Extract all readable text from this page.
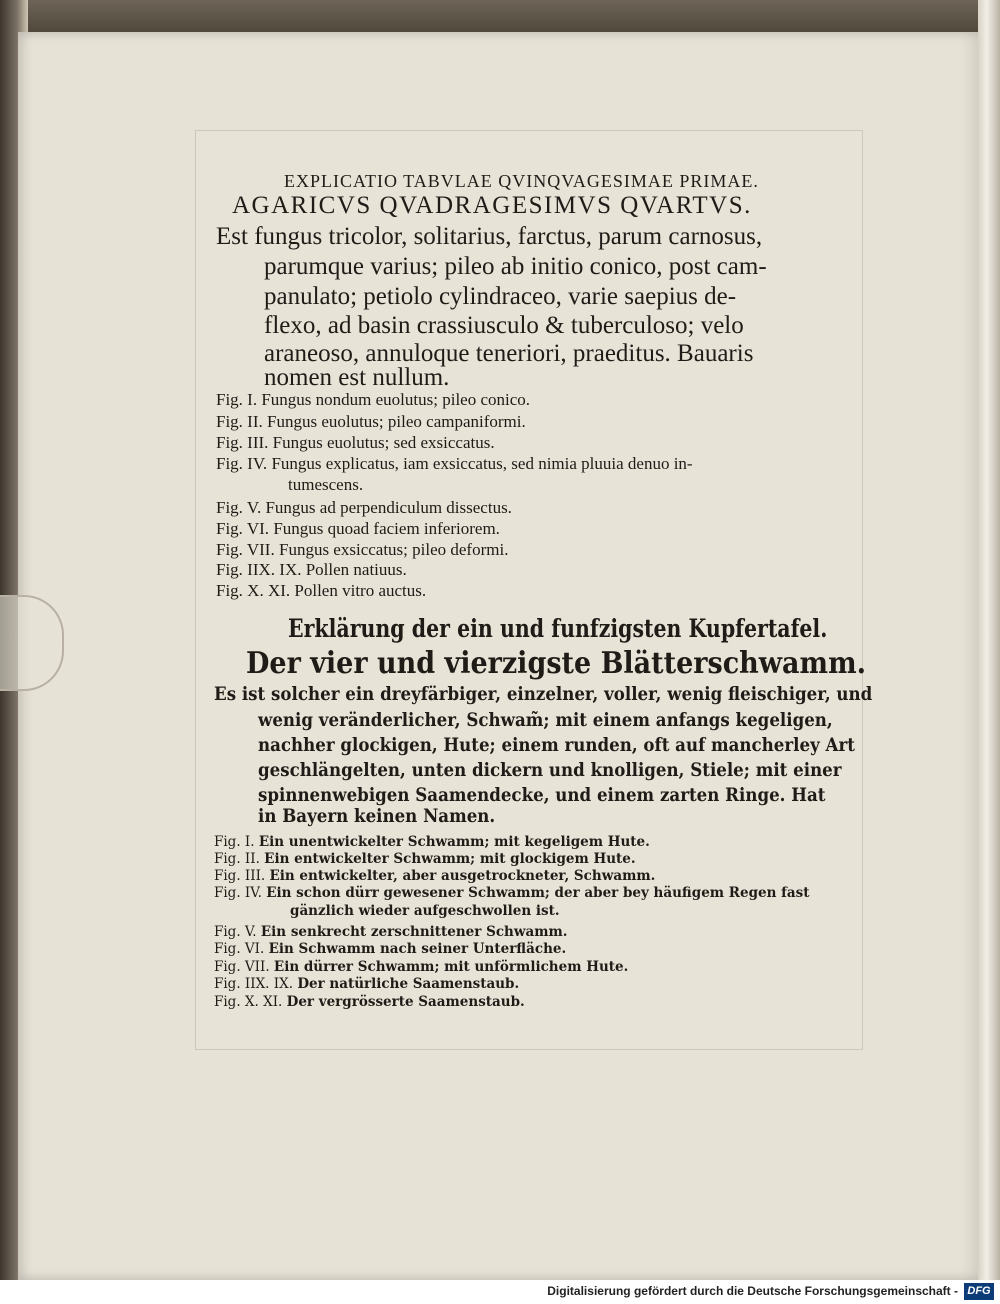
EXPLICATIO TABVLAE QVINQVAGESIMAE PRIMAE.
AGARICVS QVADRAGESIMVS QVARTVS.
Est fungus tricolor, solitarius, farctus, parum carnosus,
parumque varius; pileo ab initio conico, post cam-
panulato; petiolo cylindraceo, varie saepius de-
flexo, ad basin crassiusculo & tuberculoso; velo
araneoso, annuloque teneriori, praeditus. Bauaris
nomen est nullum.
Fig. I. Fungus nondum euolutus; pileo conico.
Fig. II. Fungus euolutus; pileo campaniformi.
Fig. III. Fungus euolutus; sed exsiccatus.
Fig. IV. Fungus explicatus, iam exsiccatus, sed nimia pluuia denuo in-
tumescens.
Fig. V. Fungus ad perpendiculum dissectus.
Fig. VI. Fungus quoad faciem inferiorem.
Fig. VII. Fungus exsiccatus; pileo deformi.
Fig. IIX. IX. Pollen natiuus.
Fig. X. XI. Pollen vitro auctus.
Erklärung der ein und funfzigsten Kupfertafel.
Der vier und vierzigste Blätterschwamm.
Es ist solcher ein dreyfärbiger, einzelner, voller, wenig fleischiger, und
wenig veränderlicher, Schwam̃; mit einem anfangs kegeligen,
nachher glockigen, Hute; einem runden, oft auf mancherley Art
geschlängelten, unten dickern und knolligen, Stiele; mit einer
spinnenwebigen Saamendecke, und einem zarten Ringe. Hat
in Bayern keinen Namen.
Fig. I. Ein unentwickelter Schwamm; mit kegeligem Hute.
Fig. II. Ein entwickelter Schwamm; mit glockigem Hute.
Fig. III. Ein entwickelter, aber ausgetrockneter, Schwamm.
Fig. IV. Ein schon dürr gewesener Schwamm; der aber bey häufigem Regen fast
gänzlich wieder aufgeschwollen ist.
Fig. V. Ein senkrecht zerschnittener Schwamm.
Fig. VI. Ein Schwamm nach seiner Unterfläche.
Fig. VII. Ein dürrer Schwamm; mit unförmlichem Hute.
Fig. IIX. IX. Der natürliche Saamenstaub.
Fig. X. XI. Der vergrösserte Saamenstaub.
Digitalisierung gefördert durch die Deutsche Forschungsgemeinschaft - DFG
